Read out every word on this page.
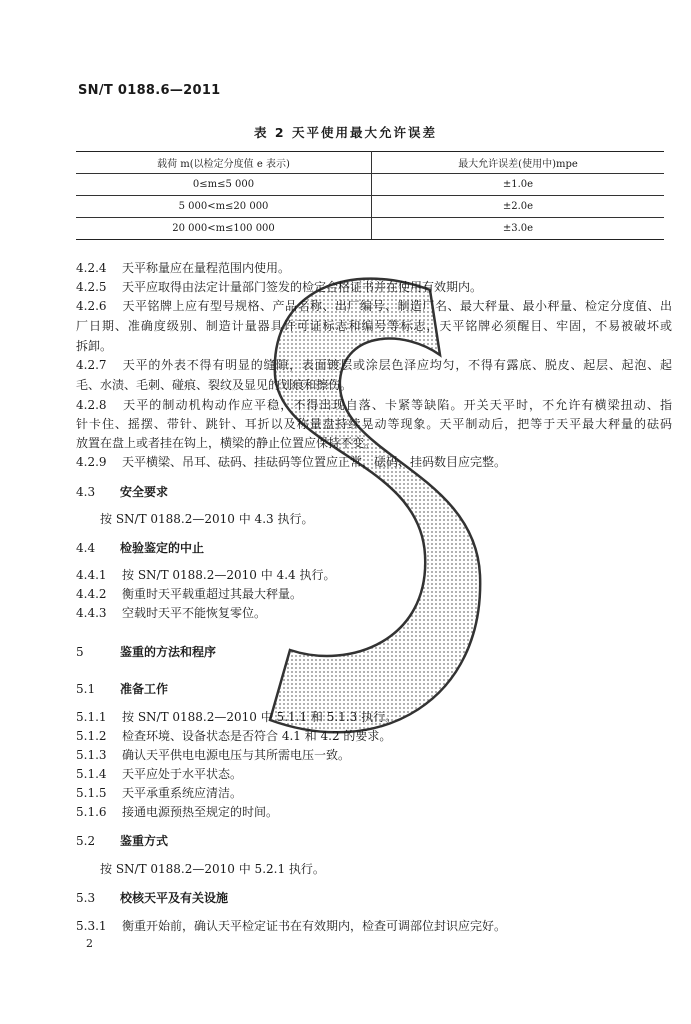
SN/T 0188.6—2011
表 2 天平使用最大允许误差
载荷 m(以检定分度值 e 表示)	最大允许误差(使用中)mpe
0≤m≤5 000	±1.0e
5 000<m≤20 000	±2.0e
20 000<m≤100 000	±3.0e
4.2.4 天平称量应在量程范围内使用。
4.2.5 天平应取得由法定计量部门签发的检定合格证书并在使用有效期内。
4.2.6 天平铭牌上应有型号规格、产品名称、出厂编号、制造厂名、最大秤量、最小秤量、检定分度值、出
厂日期、准确度级别、制造计量器具许可证标志和编号等标志，天平铭牌必须醒目、牢固，不易被破坏或
拆卸。
4.2.7 天平的外表不得有明显的缝隙，表面镀层或涂层色泽应均匀，不得有露底、脱皮、起层、起泡、起
毛、水渍、毛刺、碰痕、裂纹及显见的划痕和擦伤。
4.2.8 天平的制动机构动作应平稳，不得出现自落、卡紧等缺陷。开关天平时，不允许有横梁扭动、指
针卡住、摇摆、带针、跳针、耳折以及称量盘持续晃动等现象。天平制动后，把等于天平最大秤量的砝码
放置在盘上或者挂在钩上，横梁的静止位置应保持不变。
4.2.9 天平横梁、吊耳、砝码、挂砝码等位置应正常，砝码、挂码数目应完整。
4.3 安全要求
按 SN/T 0188.2—2010 中 4.3 执行。
4.4 检验鉴定的中止
4.4.1 按 SN/T 0188.2—2010 中 4.4 执行。
4.4.2 衡重时天平载重超过其最大秤量。
4.4.3 空载时天平不能恢复零位。
5	鉴重的方法和程序
5.1 准备工作
5.1.1 按 SN/T 0188.2—2010 中 5.1.1 和 5.1.3 执行。
5.1.2 检查环境、设备状态是否符合 4.1 和 4.2 的要求。
5.1.3 确认天平供电电源电压与其所需电压一致。
5.1.4 天平应处于水平状态。
5.1.5 天平承重系统应清洁。
5.1.6 接通电源预热至规定的时间。
5.2 鉴重方式
按 SN/T 0188.2—2010 中 5.2.1 执行。
5.3 校核天平及有关设施
5.3.1 衡重开始前，确认天平检定证书在有效期内，检查可调部位封识应完好。
2
